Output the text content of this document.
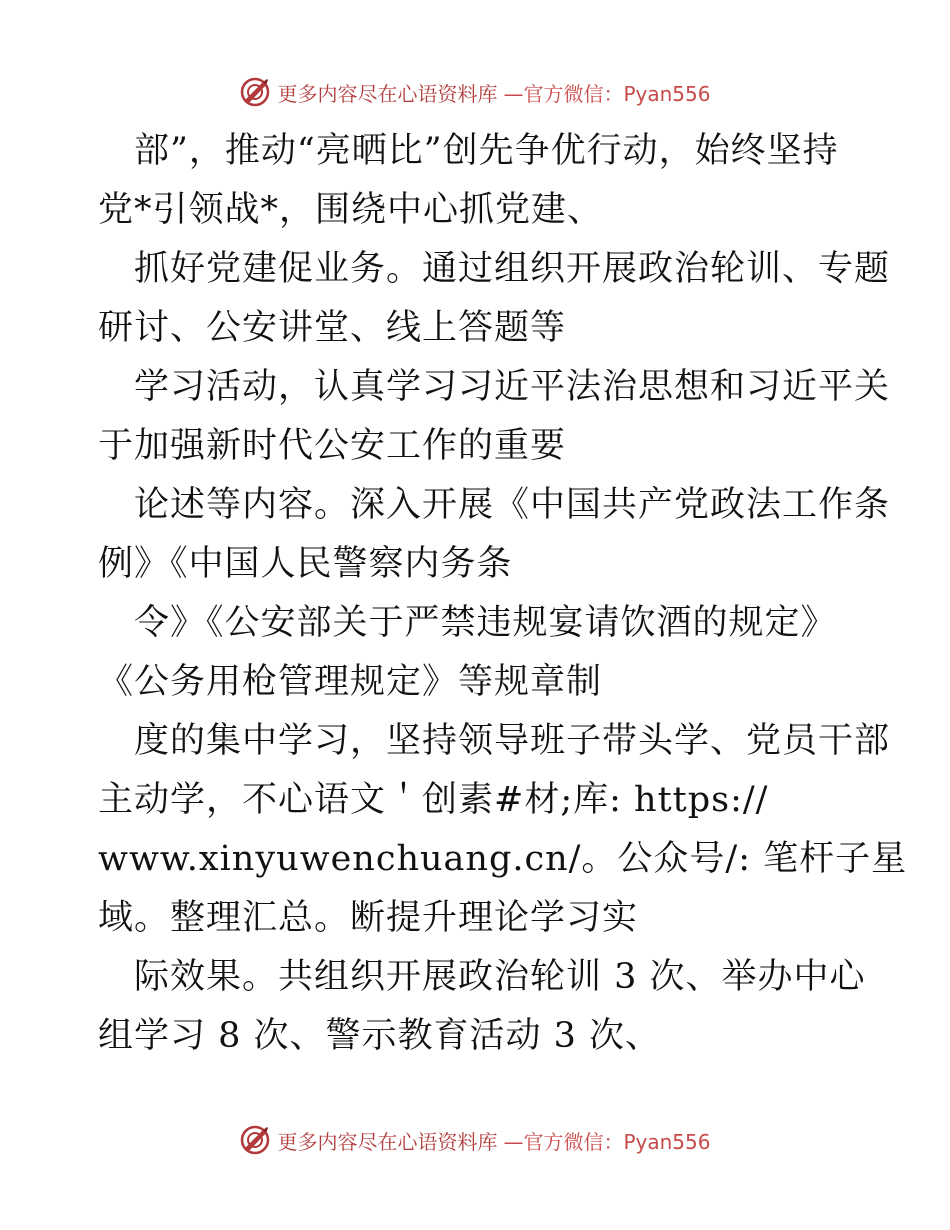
更多内容尽在心语资料库 —官方微信：Pyan556
部”，推动“亮晒比”创先争优行动，始终坚持
党*引领战*，围绕中心抓党建、
抓好党建促业务。通过组织开展政治轮训、专题
研讨、公安讲堂、线上答题等
学习活动，认真学习习近平法治思想和习近平关
于加强新时代公安工作的重要
论述等内容。深入开展《中国共产党政法工作条
例》《中国人民警察内务条
令》《公安部关于严禁违规宴请饮酒的规定》
《公务用枪管理规定》等规章制
度的集中学习，坚持领导班子带头学、党员干部
主动学，不心语文＇创素#材;库: https://
www.xinyuwenchuang.cn/。公众号/: 笔杆子星
域。整理汇总。断提升理论学习实
际效果。共组织开展政治轮训 3 次、举办中心
组学习 8 次、警示教育活动 3 次、
更多内容尽在心语资料库 —官方微信：Pyan556
